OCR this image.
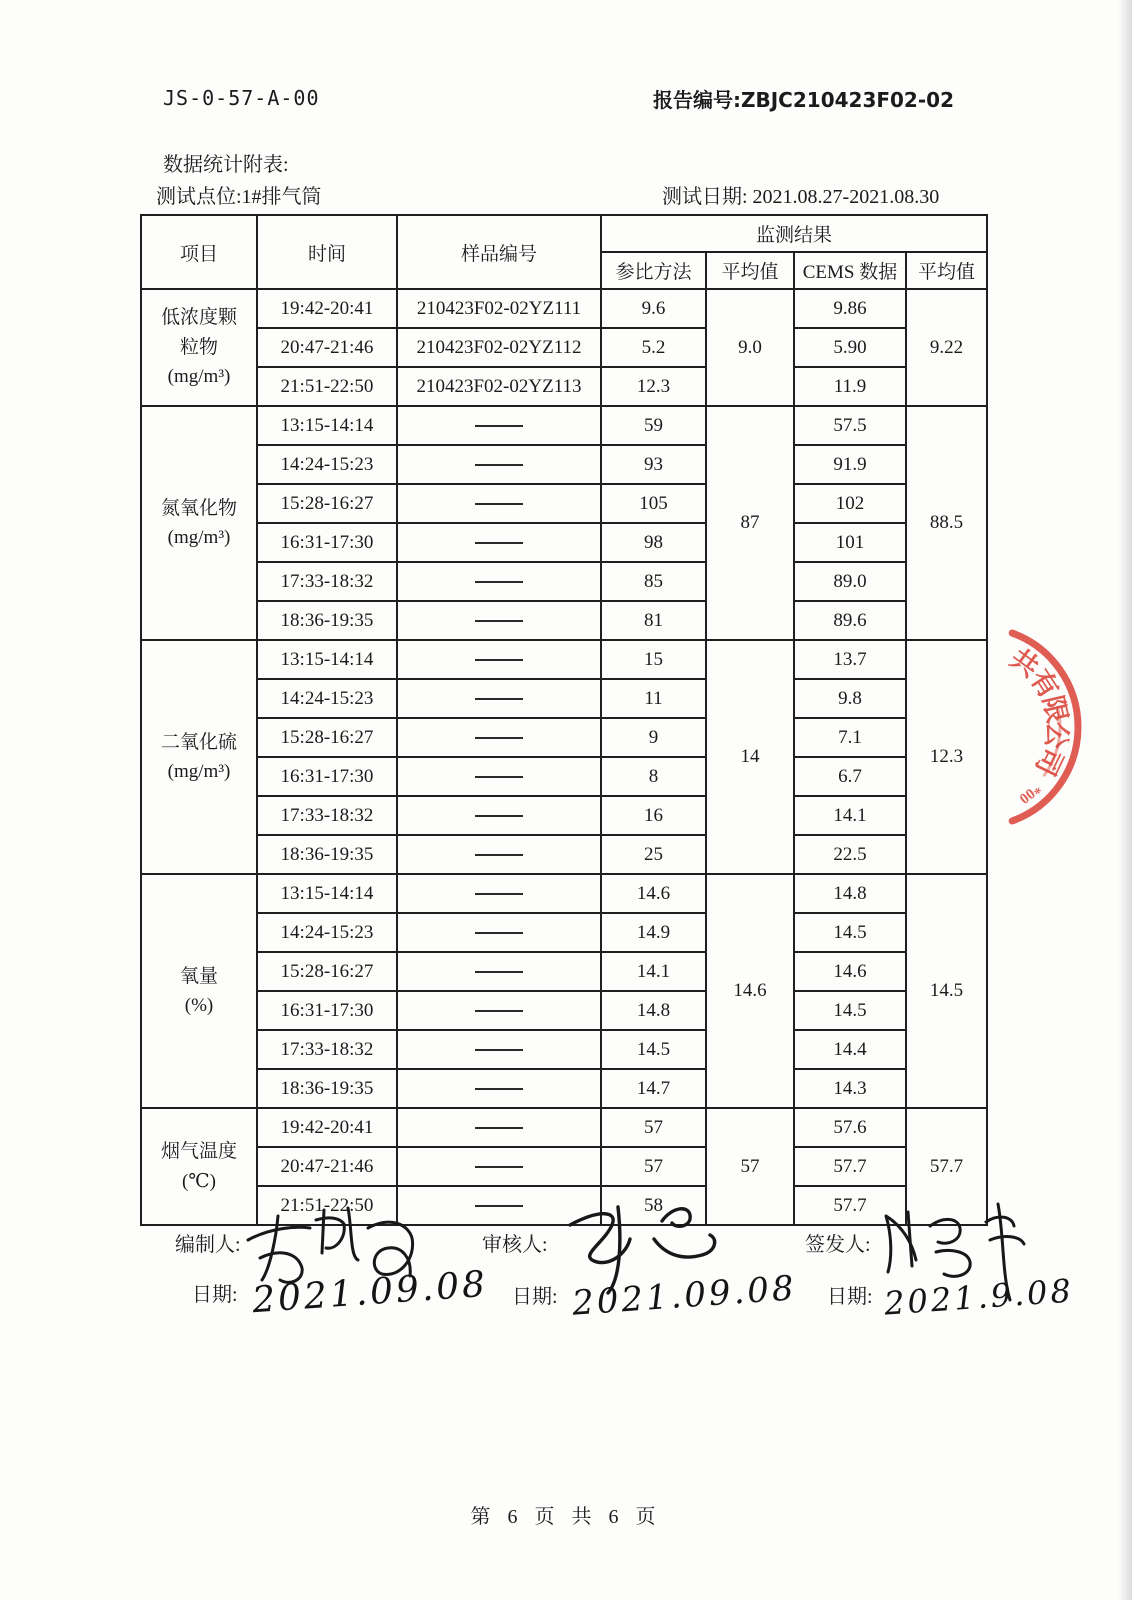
JS-0-57-A-00	报告编号:ZBJC210423F02-02
数据统计附表:
测试点位:1#排气筒	测试日期: 2021.08.27-2021.08.30
项目	时间	样品编号	监测结果			
			参比方法	平均值	CEMS 数据	平均值

低浓度颗
粒物
(mg/m³)	19:42-20:41	210423F02-02YZ111	9.6	9.0	9.86	9.22
	20:47-21:46	210423F02-02YZ112	5.2		5.90	
	21:51-22:50	210423F02-02YZ113	12.3		11.9	

氮氧化物
(mg/m³)	13:15-14:14		59	87	57.5	88.5
	14:24-15:23		93		91.9	
	15:28-16:27		105		102	
	16:31-17:30		98		101	
	17:33-18:32		85		89.0	
	18:36-19:35		81		89.6	

二氧化硫
(mg/m³)	13:15-14:14		15	14	13.7	12.3
	14:24-15:23		11		9.8	
	15:28-16:27		9		7.1	
	16:31-17:30		8		6.7	
	17:33-18:32		16		14.1	
	18:36-19:35		25		22.5	

氧量
(%)	13:15-14:14		14.6	14.6	14.8	14.5
	14:24-15:23		14.9		14.5	
	15:28-16:27		14.1		14.6	
	16:31-17:30		14.8		14.5	
	17:33-18:32		14.5		14.4	
	18:36-19:35		14.7		14.3	

烟气温度
(℃)	19:42-20:41		57	57	57.6	57.7
	20:47-21:46		57		57.7	
	21:51-22:50		58		57.7	
编制人:
日期: 2021.09.08
审核人:
日期: 2021.09.08
签发人:
日期: 2021.9.08
共
有
限
公
司
*00
第 6 页 共 6 页
